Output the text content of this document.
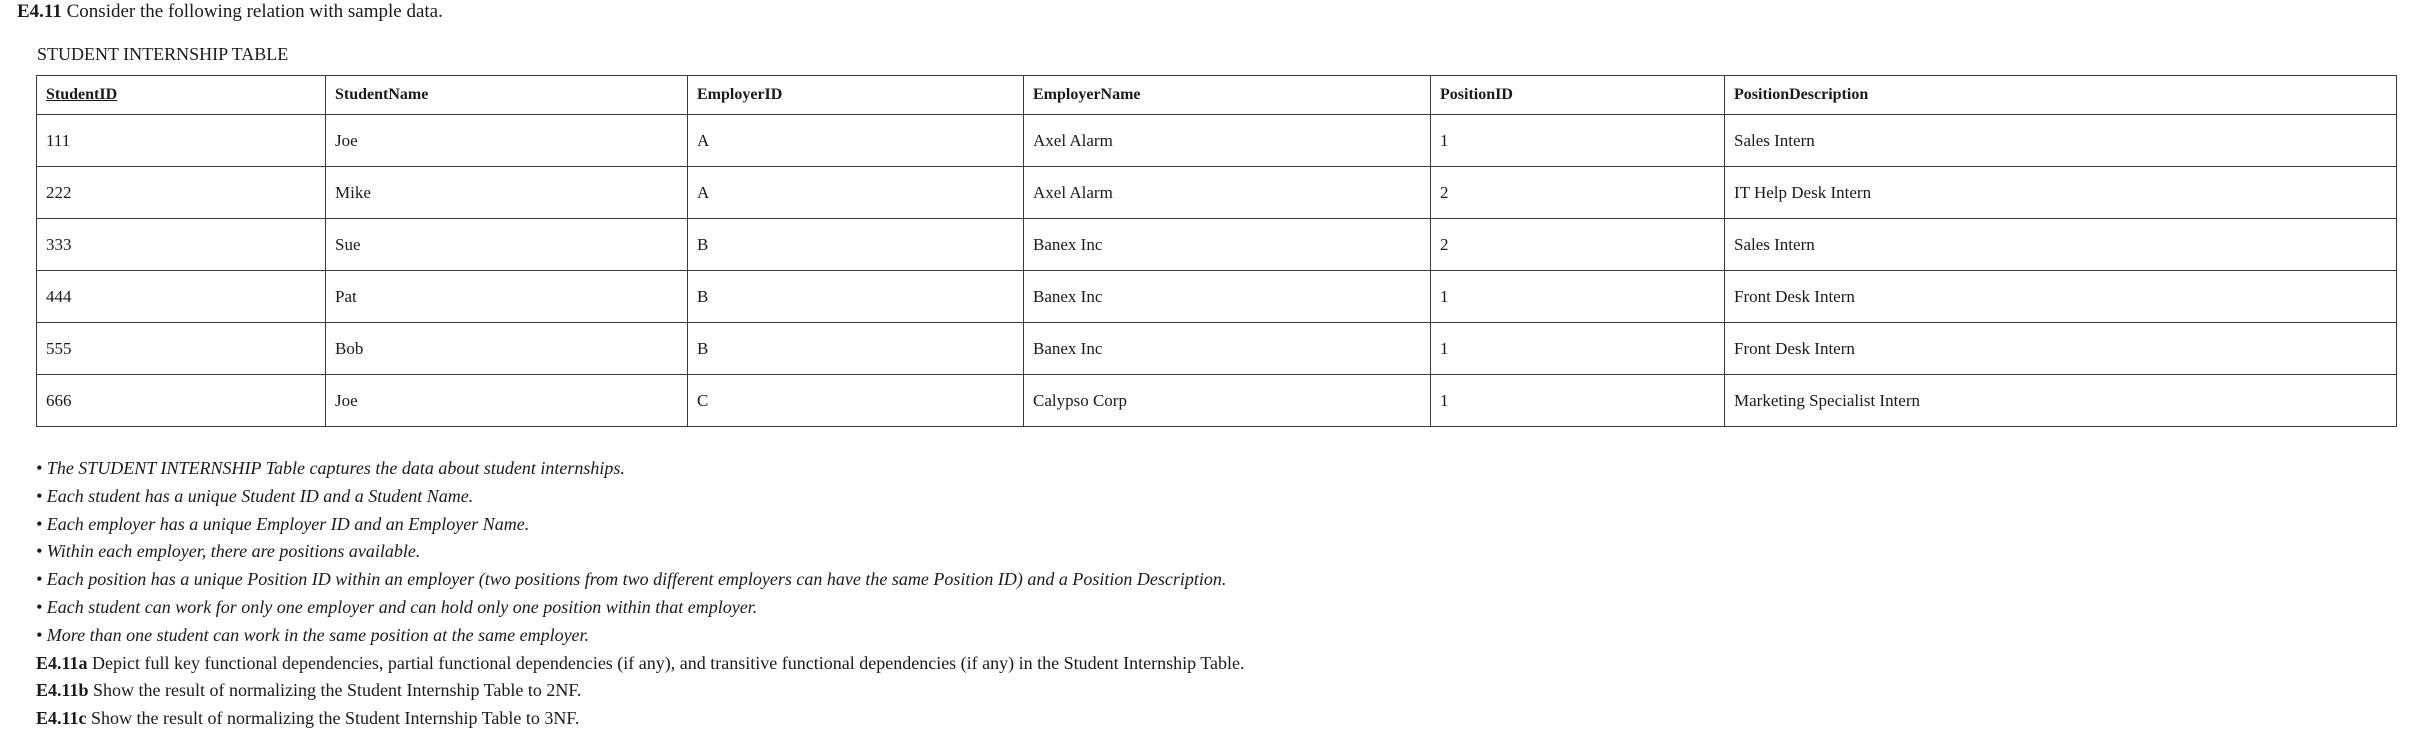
E4.11 Consider the following relation with sample data.
STUDENT INTERNSHIP TABLE
StudentID	StudentName	EmployerID	EmployerName	PositionID	PositionDescription
111	Joe	A	Axel Alarm	1	Sales Intern
222	Mike	A	Axel Alarm	2	IT Help Desk Intern
333	Sue	B	Banex Inc	2	Sales Intern
444	Pat	B	Banex Inc	1	Front Desk Intern
555	Bob	B	Banex Inc	1	Front Desk Intern
666	Joe	C	Calypso Corp	1	Marketing Specialist Intern
• The STUDENT INTERNSHIP Table captures the data about student internships.
• Each student has a unique Student ID and a Student Name.
• Each employer has a unique Employer ID and an Employer Name.
• Within each employer, there are positions available.
• Each position has a unique Position ID within an employer (two positions from two different employers can have the same Position ID) and a Position Description.
• Each student can work for only one employer and can hold only one position within that employer.
• More than one student can work in the same position at the same employer.
E4.11a Depict full key functional dependencies, partial functional dependencies (if any), and transitive functional dependencies (if any) in the Student Internship Table.
E4.11b Show the result of normalizing the Student Internship Table to 2NF.
E4.11c Show the result of normalizing the Student Internship Table to 3NF.
